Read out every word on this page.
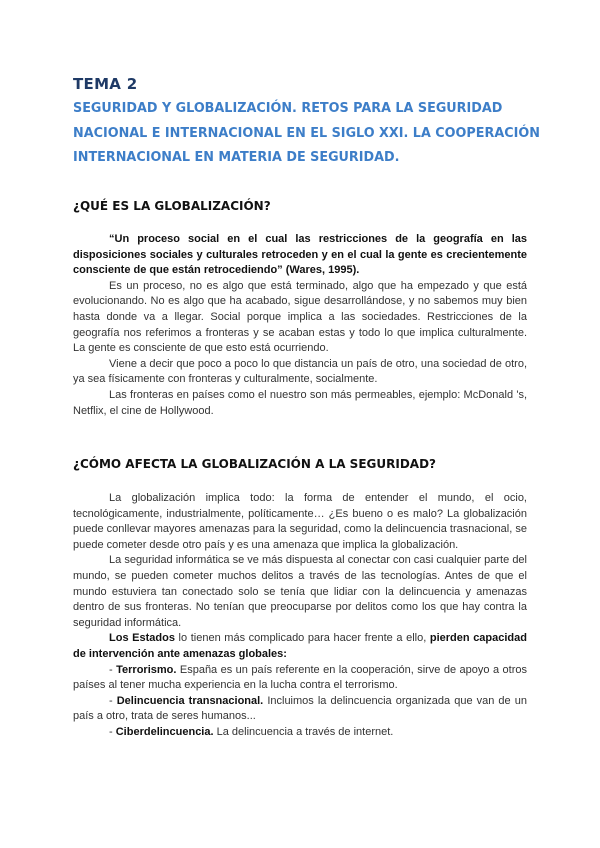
TEMA 2
SEGURIDAD Y GLOBALIZACIÓN. RETOS PARA LA SEGURIDAD
NACIONAL E INTERNACIONAL EN EL SIGLO XXI. LA COOPERACIÓN
INTERNACIONAL EN MATERIA DE SEGURIDAD.
¿QUÉ ES LA GLOBALIZACIÓN?

“Un proceso social en el cual las restricciones de la geografía en las disposiciones sociales y culturales retroceden y en el cual la gente es crecientemente consciente de que están retrocediendo” (Wares, 1995).

Es un proceso, no es algo que está terminado, algo que ha empezado y que está evolucionando. No es algo que ha acabado, sigue desarrollándose, y no sabemos muy bien hasta donde va a llegar. Social porque implica a las sociedades. Restricciones de la geografía nos referimos a fronteras y se acaban estas y todo lo que implica culturalmente. La gente es consciente de que esto está ocurriendo.

Viene a decir que poco a poco lo que distancia un país de otro, una sociedad de otro, ya sea físicamente con fronteras y culturalmente, socialmente.

Las fronteras en países como el nuestro son más permeables, ejemplo: McDonald 's, Netflix, el cine de Hollywood.

¿CÓMO AFECTA LA GLOBALIZACIÓN A LA SEGURIDAD?

La globalización implica todo: la forma de entender el mundo, el ocio, tecnológicamente, industrialmente, políticamente… ¿Es bueno o es malo? La globalización puede conllevar mayores amenazas para la seguridad, como la delincuencia trasnacional, se puede cometer desde otro país y es una amenaza que implica la globalización.

La seguridad informática se ve más dispuesta al conectar con casi cualquier parte del mundo, se pueden cometer muchos delitos a través de las tecnologías. Antes de que el mundo estuviera tan conectado solo se tenía que lidiar con la delincuencia y amenazas dentro de sus fronteras. No tenían que preocuparse por delitos como los que hay contra la seguridad informática.

Los Estados lo tienen más complicado para hacer frente a ello, pierden capacidad de intervención ante amenazas globales:

- Terrorismo. España es un país referente en la cooperación, sirve de apoyo a otros países al tener mucha experiencia en la lucha contra el terrorismo.

- Delincuencia transnacional. Incluimos la delincuencia organizada que van de un país a otro, trata de seres humanos...

- Ciberdelincuencia. La delincuencia a través de internet.
